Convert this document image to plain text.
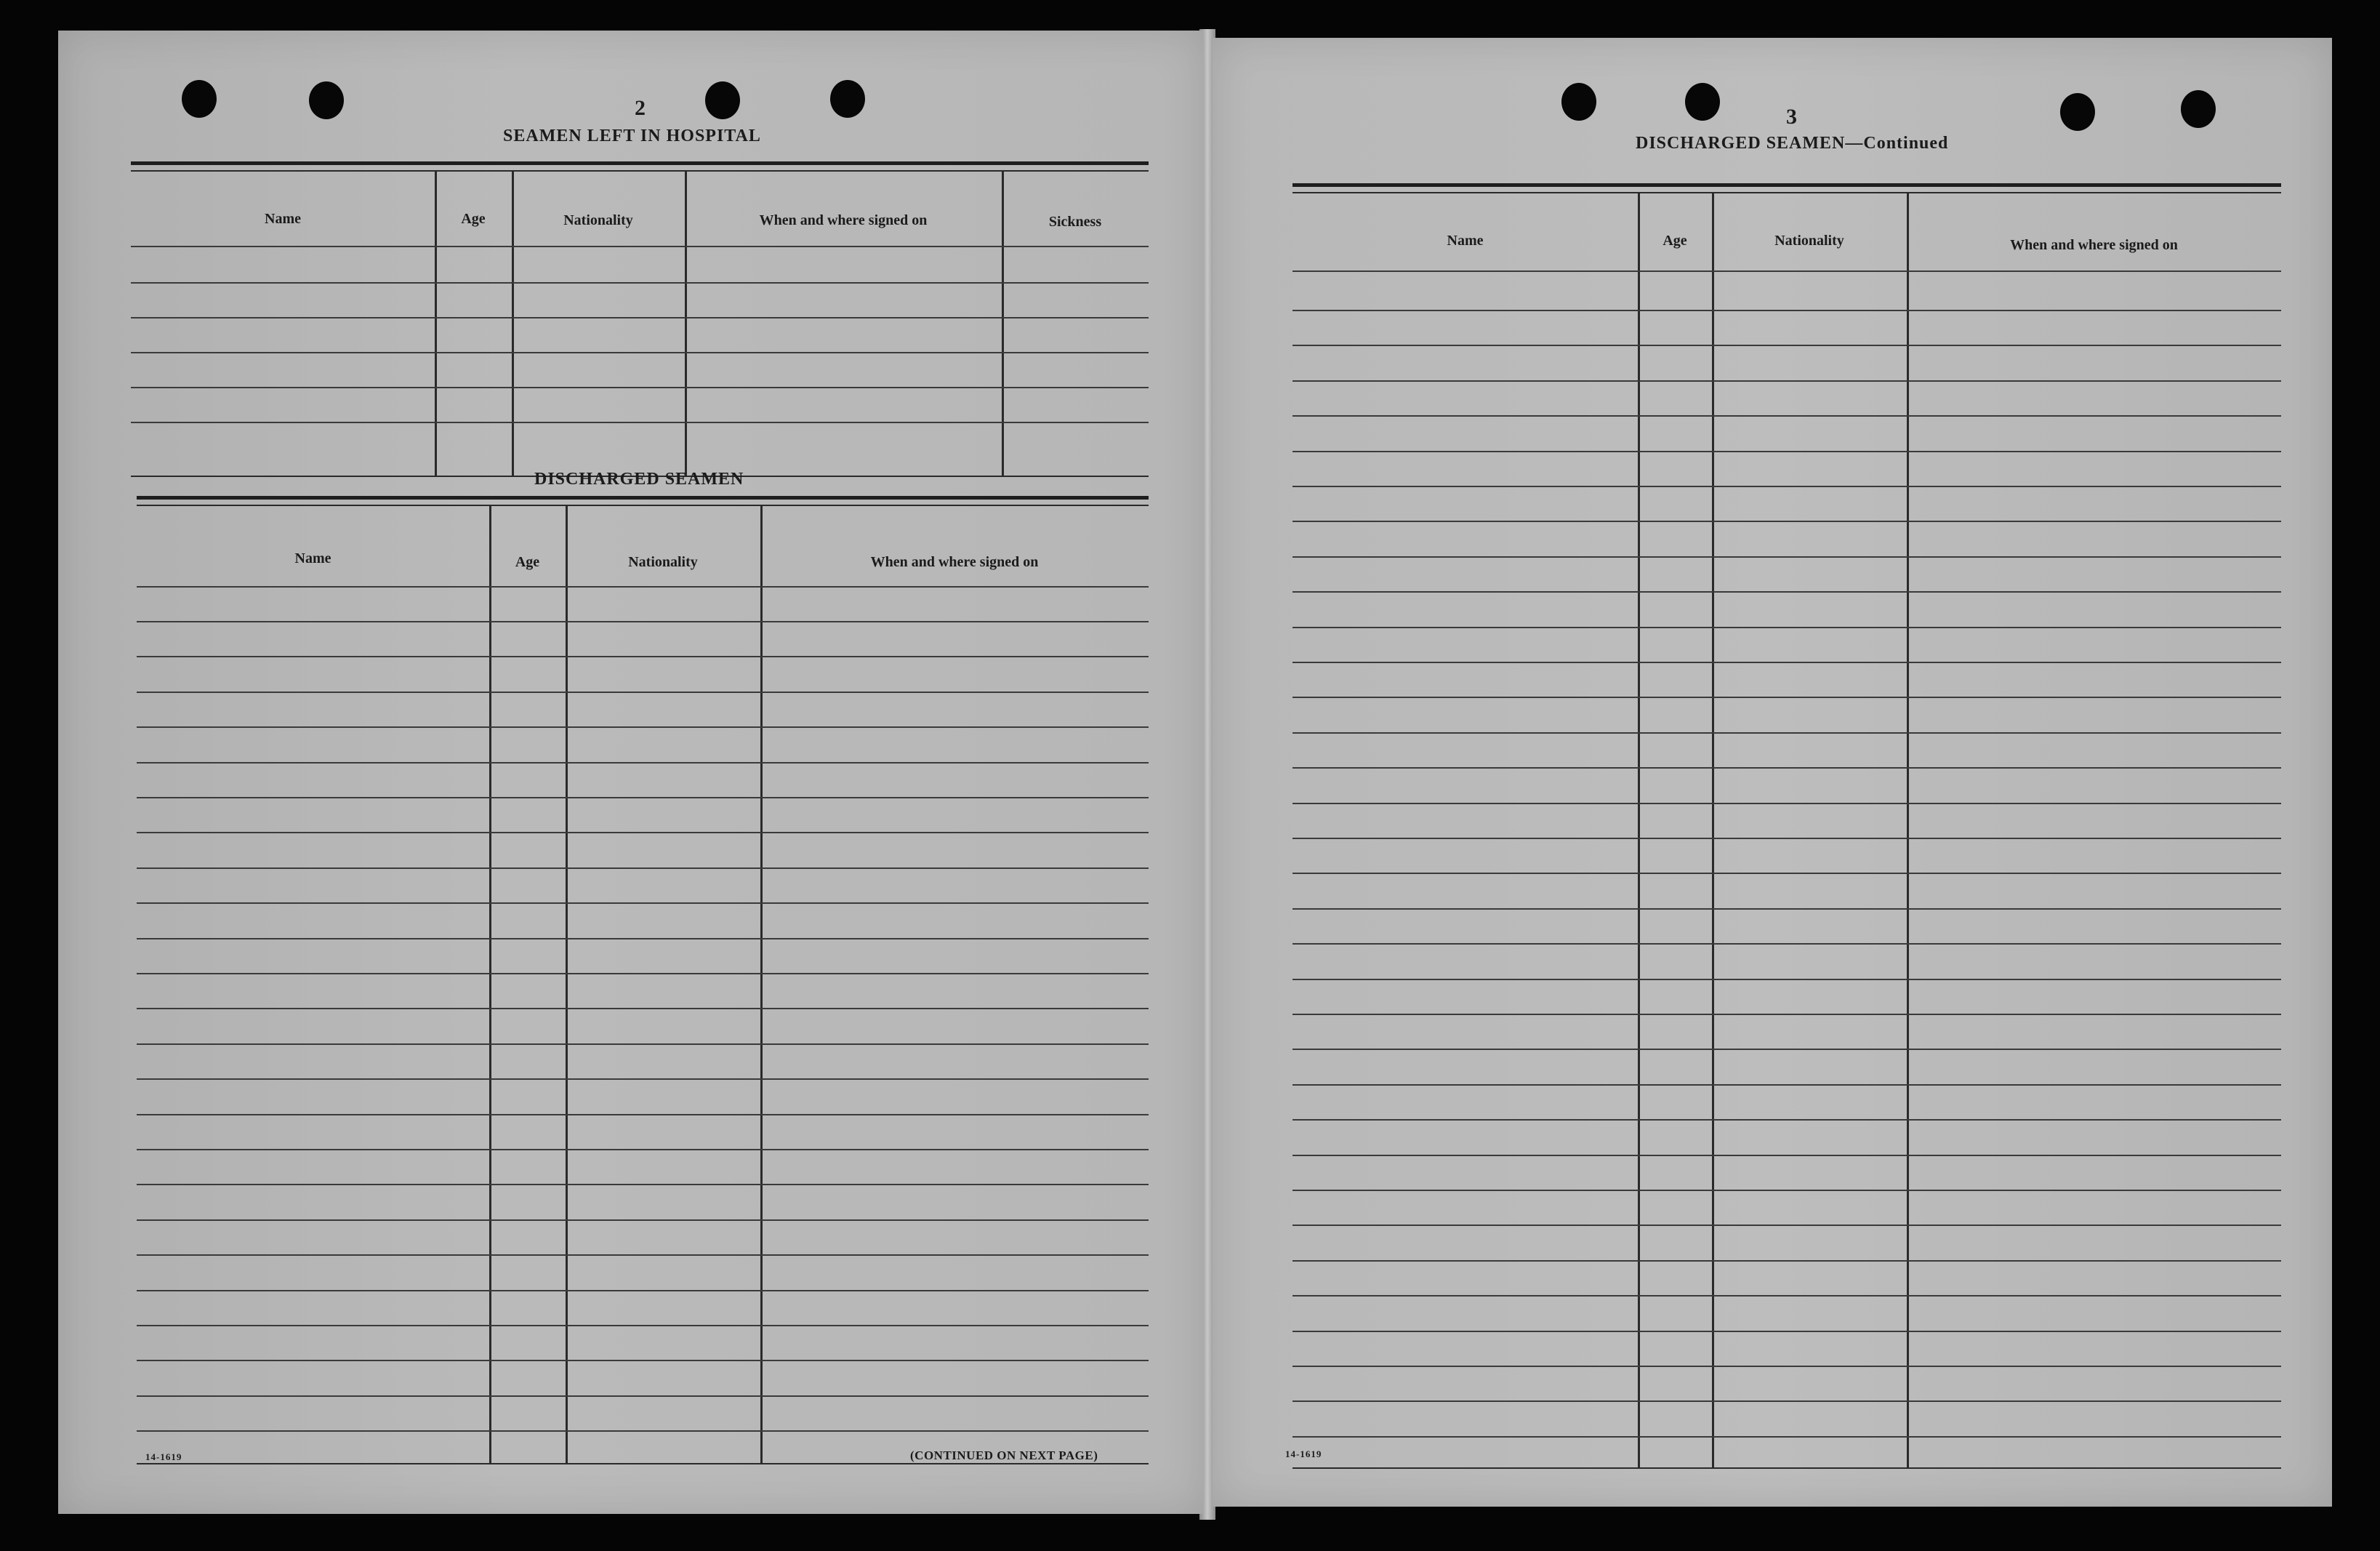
2
SEAMEN LEFT IN HOSPITAL
Name	Age	Nationality	When and where signed on	Sickness
DISCHARGED SEAMEN
Name	Age	Nationality	When and where signed on
14-1619	(CONTINUED ON NEXT PAGE)
3
DISCHARGED SEAMEN—Continued
Name	Age	Nationality	When and where signed on
14-1619
